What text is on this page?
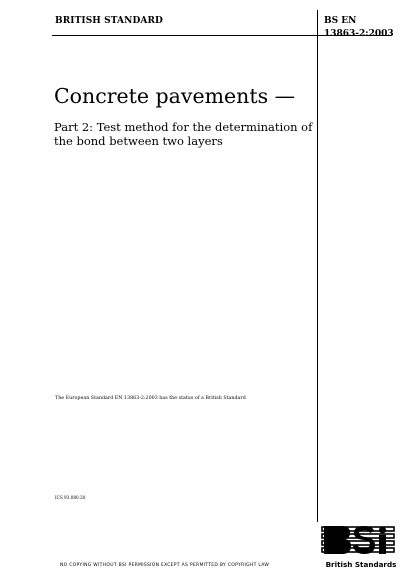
BRITISH STANDARD	BS EN
13863-2:2003
Concrete pavements —
Part 2: Test method for the determination of the bond between two layers
The European Standard EN 13863-2:2003 has the status of a British Standard
ICS 93.080.20
NO COPYING WITHOUT BSI PERMISSION EXCEPT AS PERMITTED BY COPYRIGHT LAW	British Standards
